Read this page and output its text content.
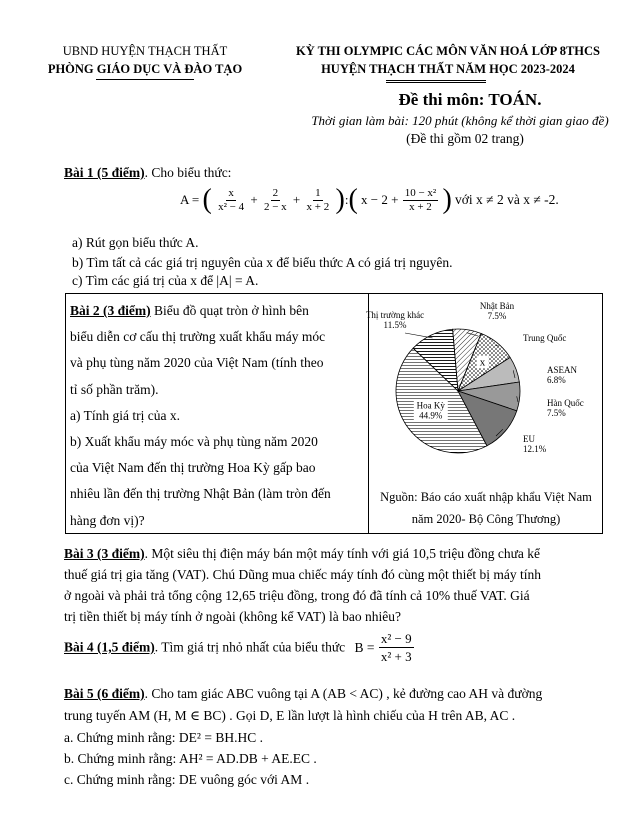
UBND HUYỆN THẠCH THẤT
PHÒNG GIÁO DỤC VÀ ĐÀO TẠO
KỲ THI OLYMPIC CÁC MÔN VĂN HOÁ LỚP 8THCS
HUYỆN THẠCH THẤT NĂM HỌC 2023-2024
Đề thi môn: TOÁN.
Thời gian làm bài: 120 phút (không kể thời gian giao đề)
(Đề thi gồm 02 trang)
Bài 1 (5 điểm). Cho biểu thức:
A = ( $\frac{x}{\text{x² − 4}} + \frac{2}{2 - x} + \frac{1}{x + 2}$ ):( $x - 2 + \frac{\text{10 − x²}}{x + 2}$ ) với x ≠ 2 và x ≠ -2.
a) Rút gọn biểu thức A.
b) Tìm tất cả các giá trị nguyên của x để biểu thức A có giá trị nguyên.
c) Tìm các giá trị của x để |A| = A.
Bài 2 (3 điểm) Biểu đồ quạt tròn ở hình bên
biểu diễn cơ cấu thị trường xuất khẩu máy móc
và phụ tùng năm 2020 của Việt Nam (tính theo
tỉ số phần trăm).
a) Tính giá trị của x.
b) Xuất khẩu máy móc và phụ tùng năm 2020
của Việt Nam đến thị trường Hoa Kỳ gấp bao
nhiêu lần đến thị trường Nhật Bản (làm tròn đến
hàng đơn vị)?
Nhật Bản
7.5%
Trung Quốc
x
ASEAN
6.8%
Hàn Quốc
7.5%
EU
12.1%
Hoa Kỳ
44.9%
Thị trường khác
11.5%
Nguồn: Báo cáo xuất nhập khẩu Việt Nam
năm 2020- Bộ Công Thương)
Bài 3 (3 điểm). Một siêu thị điện máy bán một máy tính với giá 10,5 triệu đồng chưa kể
thuế giá trị gia tăng (VAT). Chú Dũng mua chiếc máy tính đó cùng một thiết bị máy tính
ở ngoài và phải trả tổng cộng 12,65 triệu đồng, trong đó đã tính cả 10% thuế VAT. Giá
trị tiền thiết bị máy tính ở ngoài (không kể VAT) là bao nhiêu?
Bài 4 (1,5 điểm). Tìm giá trị nhỏ nhất của biểu thức $B = \frac{\text{x² − 9}}{\text{x² + 3}}$
Bài 5 (6 điểm). Cho tam giác ABC vuông tại A (AB < AC) , kẻ đường cao AH và đường
trung tuyến AM (H, M ∈ BC) . Gọi D, E lần lượt là hình chiếu của H trên AB, AC .
a. Chứng minh rằng: DE² = BH.HC .
b. Chứng minh rằng: AH² = AD.DB + AE.EC .
c. Chứng minh rằng: DE vuông góc với AM .
